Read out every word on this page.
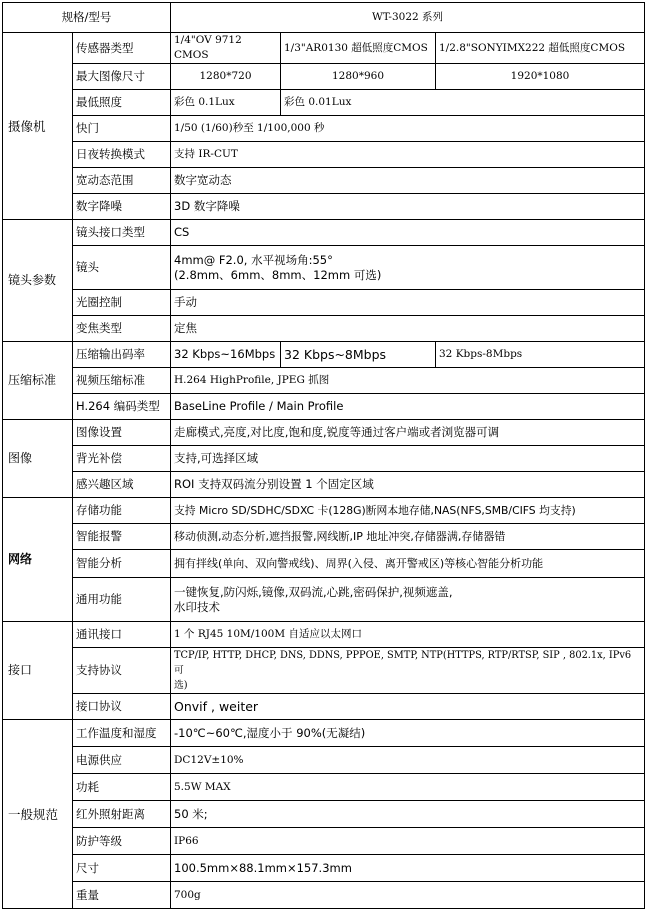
规格/型号		WT-3022 系列		
摄像机	传感器类型	1/4"OV 9712 CMOS	1/3"AR0130 超低照度CMOS	1/2.8"SONYIMX222 超低照度CMOS
	最大图像尺寸	1280*720	1280*960	1920*1080
	最低照度	彩色 0.1Lux	彩色 0.01Lux	
	快门	1/50 (1/60)秒至 1/100,000 秒		
	日夜转换模式	支持 IR-CUT		
	宽动态范围	数字宽动态		
	数字降噪	3D 数字降噪		
镜头参数	镜头接口类型	CS		
	镜头	4mm@ F2.0, 水平视场角:55°
(2.8mm、6mm、8mm、12mm 可选)		

	光圈控制	手动		
	变焦类型	定焦		
压缩标准	压缩输出码率	32 Kbps~16Mbps	32 Kbps~8Mbps	32 Kbps-8Mbps
	视频压缩标准	H.264 HighProfile, JPEG 抓图		
	H.264 编码类型	BaseLine Profile / Main Profile		
图像	图像设置	走廊模式,亮度,对比度,饱和度,锐度等通过客户端或者浏览器可调		
	背光补偿	支持,可选择区域		
	感兴趣区域	ROI 支持双码流分别设置 1 个固定区域		
网络	存储功能	支持 Micro SD/SDHC/SDXC 卡(128G)断网本地存储,NAS(NFS,SMB/CIFS 均支持)		
	智能报警	移动侦测,动态分析,遮挡报警,网线断,IP 地址冲突,存储器满,存储器错		
	智能分析	拥有拌线(单向、双向警戒线)、周界(入侵、离开警戒区)等核心智能分析功能		
	通用功能	一键恢复,防闪烁,镜像,双码流,心跳,密码保护,视频遮盖,
水印技术		

接口	通讯接口	1 个 RJ45 10M/100M 自适应以太网口		
	支持协议	TCP/IP, HTTP, DHCP, DNS, DDNS, PPPOE, SMTP, NTP(HTTPS, RTP/RTSP, SIP , 802.1x, IPv6 可
选)		

	接口协议	Onvif , weiter		
一般规范	工作温度和湿度	-10℃~60℃,湿度小于 90%(无凝结)		
	电源供应	DC12V±10%		
	功耗	5.5W MAX		
	红外照射距离	50 米;		
	防护等级	IP66		
	尺寸	100.5mm×88.1mm×157.3mm		
	重量	700g		
